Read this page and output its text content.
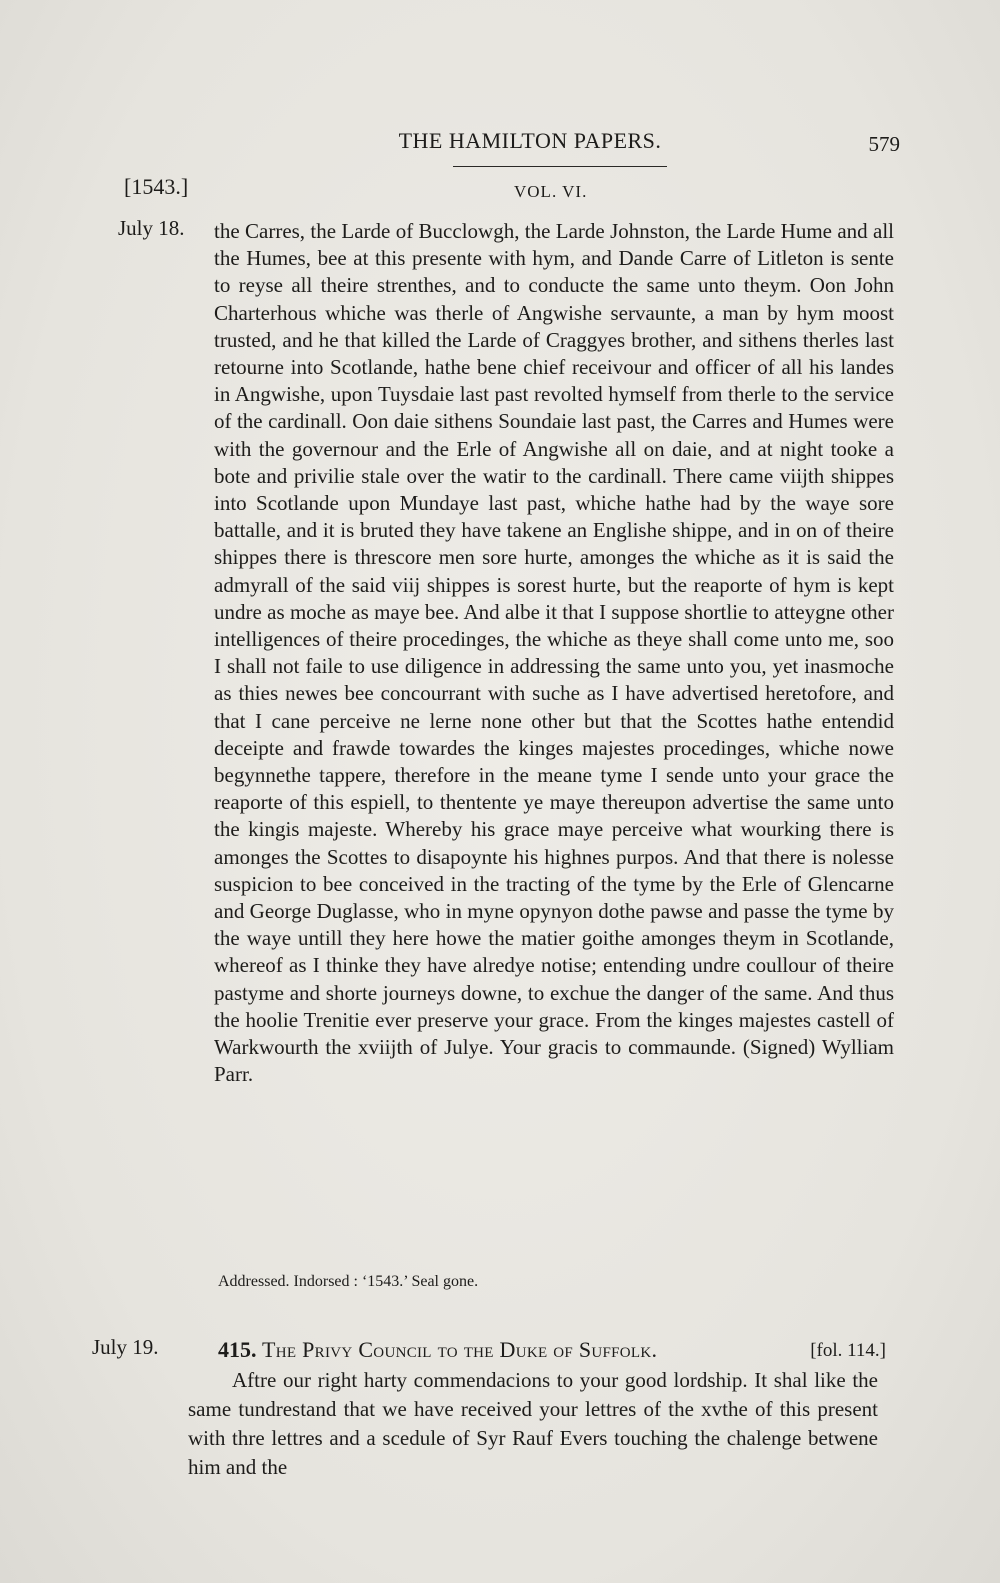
THE HAMILTON PAPERS.	579
[1543.]	VOL. VI.
July 18. the Carres, the Larde of Bucclowgh, the Larde Johnston, the Larde Hume and all the Humes, bee at this presente with hym, and Dande Carre of Litleton is sente to reyse all theire strenthes, and to conducte the same unto theym. Oon John Charterhous whiche was therle of Angwishe servaunte, a man by hym moost trusted, and he that killed the Larde of Craggyes brother, and sithens therles last retourne into Scotlande, hathe bene chief receivour and officer of all his landes in Angwishe, upon Tuysdaie last past revolted hymself from therle to the service of the cardinall. Oon daie sithens Soundaie last past, the Carres and Humes were with the governour and the Erle of Angwishe all on daie, and at night tooke a bote and privilie stale over the watir to the cardinall. There came viijth shippes into Scotlande upon Mundaye last past, whiche hathe had by the waye sore battalle, and it is bruted they have takene an Englishe shippe, and in on of theire shippes there is threscore men sore hurte, amonges the whiche as it is said the admyrall of the said viij shippes is sorest hurte, but the reaporte of hym is kept undre as moche as maye bee. And albe it that I suppose shortlie to atteygne other intelligences of theire procedinges, the whiche as theye shall come unto me, soo I shall not faile to use diligence in addressing the same unto you, yet inasmoche as thies newes bee concourrant with suche as I have advertised heretofore, and that I cane perceive ne lerne none other but that the Scottes hathe entendid deceipte and frawde towardes the kinges majestes procedinges, whiche nowe begynnethe tappere, therefore in the meane tyme I sende unto your grace the reaporte of this espiell, to thentente ye maye thereupon advertise the same unto the kingis majeste. Whereby his grace maye perceive what wourking there is amonges the Scottes to disapoynte his highnes purpos. And that there is nolesse suspicion to bee conceived in the tracting of the tyme by the Erle of Glencarne and George Duglasse, who in myne opynyon dothe pawse and passe the tyme by the waye untill they here howe the matier goithe amonges theym in Scotlande, whereof as I thinke they have alredye notise; entending undre coullour of theire pastyme and shorte journeys downe, to exchue the danger of the same. And thus the hoolie Trenitie ever preserve your grace. From the kinges majestes castell of Warkwourth the xviijth of Julye. Your gracis to commaunde. (Signed) Wylliam Parr.

Addressed. Indorsed : ‘1543.’ Seal gone.
July 19.	415. The Privy Council to the Duke of Suffolk.	[fol. 114.]

Aftre our right harty commendacions to your good lordship. It shal like the same tundrestand that we have received your lettres of the xvthe of this present with thre lettres and a scedule of Syr Rauf Evers touching the chalenge betwene him and the
